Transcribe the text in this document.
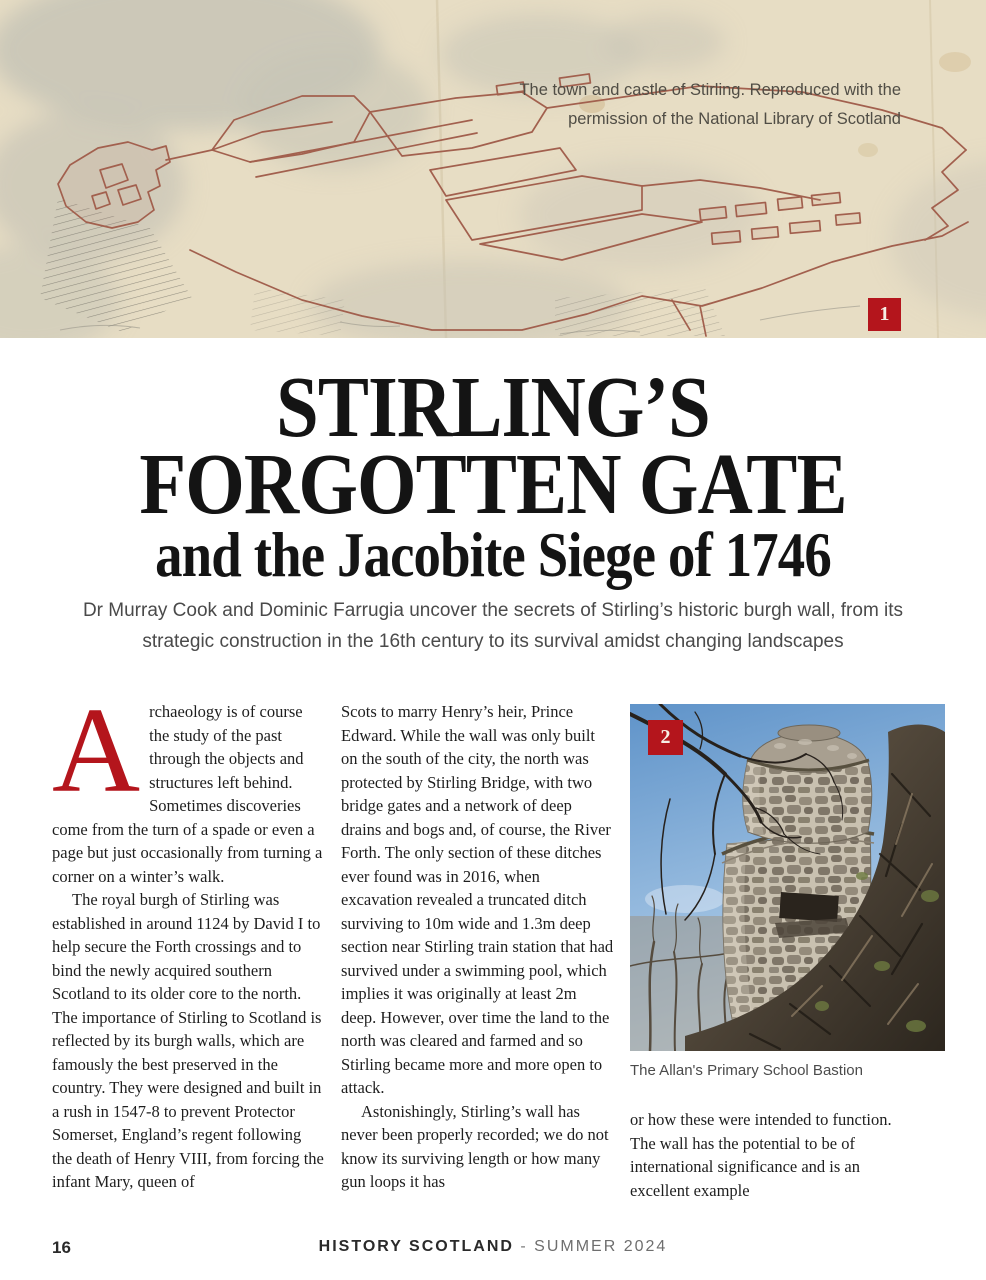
The town and castle of Stirling. Reproduced with the
permission of the National Library of Scotland
1
STIRLING’S
FORGOTTEN GATE
and the Jacobite Siege of 1746

Dr Murray Cook and Dominic Farrugia uncover the secrets of Stirling’s historic burgh wall, from its strategic construction in the 16th century to its survival amidst changing landscapes

Archaeology is of course the study of the past through the objects and structures left behind. Sometimes discoveries come from the turn of a spade or even a page but just occasionally from turning a corner on a winter’s walk.

The royal burgh of Stirling was established in around 1124 by David I to help secure the Forth crossings and to bind the newly acquired southern Scotland to its older core to the north. The importance of Stirling to Scotland is reflected by its burgh walls, which are famously the best preserved in the country. They were designed and built in a rush in 1547-8 to prevent Protector Somerset, England’s regent following the death of Henry VIII, from forcing the infant Mary, queen of

Scots to marry Henry’s heir, Prince Edward. While the wall was only built on the south of the city, the north was protected by Stirling Bridge, with two bridge gates and a network of deep drains and bogs and, of course, the River Forth. The only section of these ditches ever found was in 2016, when excavation revealed a truncated ditch surviving to 10m wide and 1.3m deep section near Stirling train station that had survived under a swimming pool, which implies it was originally at least 2m deep. However, over time the land to the north was cleared and farmed and so Stirling became more and more open to attack.

Astonishingly, Stirling’s wall has never been properly recorded; we do not know its surviving length or how many gun loops it has

2
The Allan's Primary School Bastion

or how these were intended to function. The wall has the potential to be of international significance and is an excellent example

16	HISTORY SCOTLAND - SUMMER 2024
